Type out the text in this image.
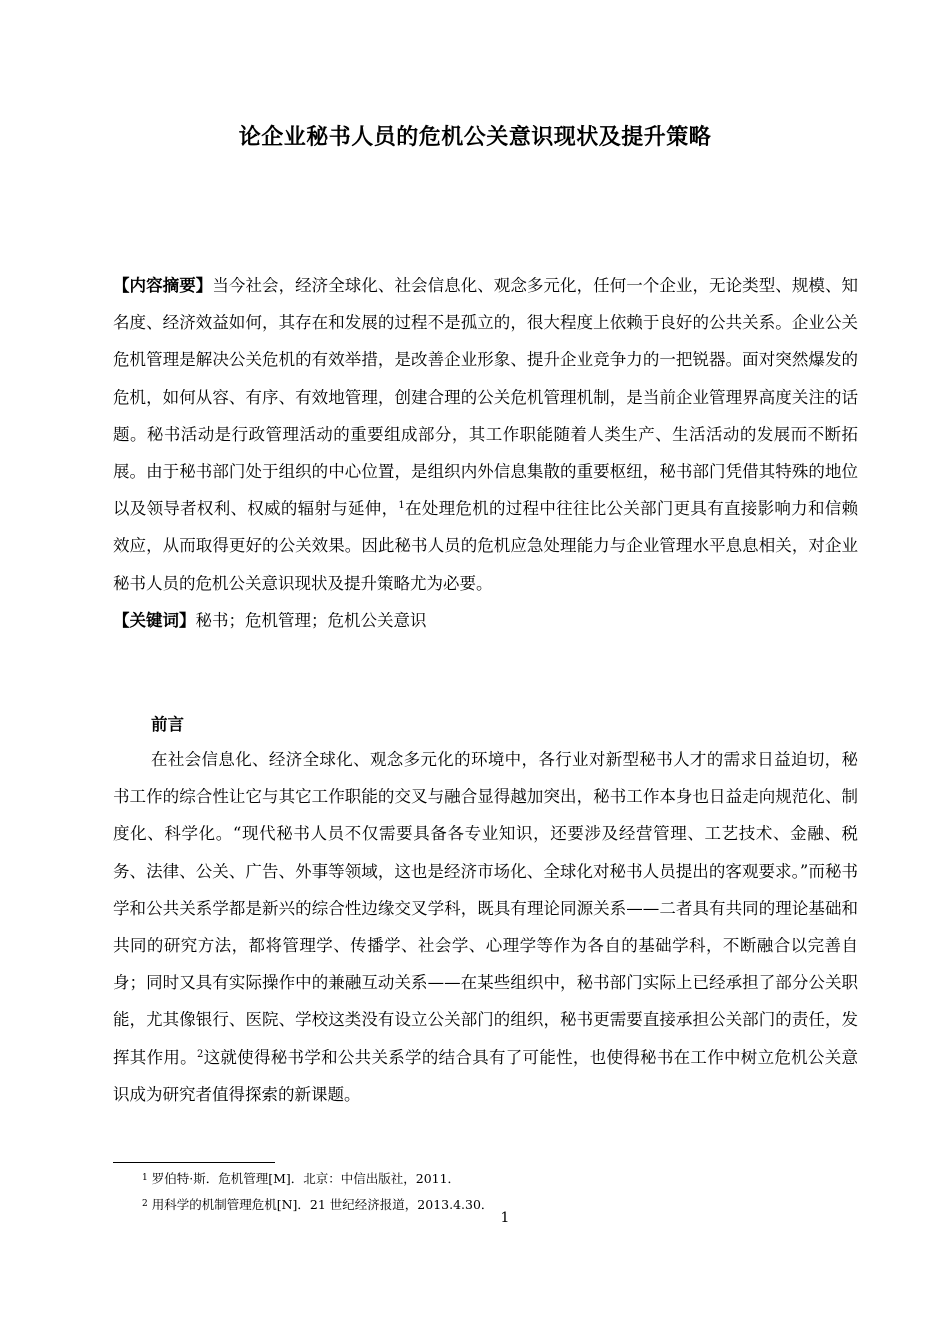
论企业秘书人员的危机公关意识现状及提升策略
【内容摘要】当今社会，经济全球化、社会信息化、观念多元化，任何一个企业，无论类型、规模、知名度、经济效益如何，其存在和发展的过程不是孤立的，很大程度上依赖于良好的公共关系。企业公关危机管理是解决公关危机的有效举措，是改善企业形象、提升企业竞争力的一把锐器。面对突然爆发的危机，如何从容、有序、有效地管理，创建合理的公关危机管理机制，是当前企业管理界高度关注的话题。秘书活动是行政管理活动的重要组成部分，其工作职能随着人类生产、生活活动的发展而不断拓展。由于秘书部门处于组织的中心位置，是组织内外信息集散的重要枢纽，秘书部门凭借其特殊的地位以及领导者权利、权威的辐射与延伸，$^1$在处理危机的过程中往往比公关部门更具有直接影响力和信赖效应，从而取得更好的公关效果。因此秘书人员的危机应急处理能力与企业管理水平息息相关，对企业秘书人员的危机公关意识现状及提升策略尤为必要。

【关键词】秘书；危机管理；危机公关意识

前言
在社会信息化、经济全球化、观念多元化的环境中，各行业对新型秘书人才的需求日益迫切，秘书工作的综合性让它与其它工作职能的交叉与融合显得越加突出，秘书工作本身也日益走向规范化、制度化、科学化。“现代秘书人员不仅需要具备各专业知识，还要涉及经营管理、工艺技术、金融、税务、法律、公关、广告、外事等领域，这也是经济市场化、全球化对秘书人员提出的客观要求。”而秘书学和公共关系学都是新兴的综合性边缘交叉学科，既具有理论同源关系——二者具有共同的理论基础和共同的研究方法，都将管理学、传播学、社会学、心理学等作为各自的基础学科，不断融合以完善自身；同时又具有实际操作中的兼融互动关系——在某些组织中，秘书部门实际上已经承担了部分公关职能，尤其像银行、医院、学校这类没有设立公关部门的组织，秘书更需要直接承担公关部门的责任，发挥其作用。$^2$这就使得秘书学和公共关系学的结合具有了可能性，也使得秘书在工作中树立危机公关意识成为研究者值得探索的新课题。
$^1$ 罗伯特·斯．危机管理[M]．北京：中信出版社，2011．
$^2$ 用科学的机制管理危机[N]．21 世纪经济报道，2013.4.30．
1
